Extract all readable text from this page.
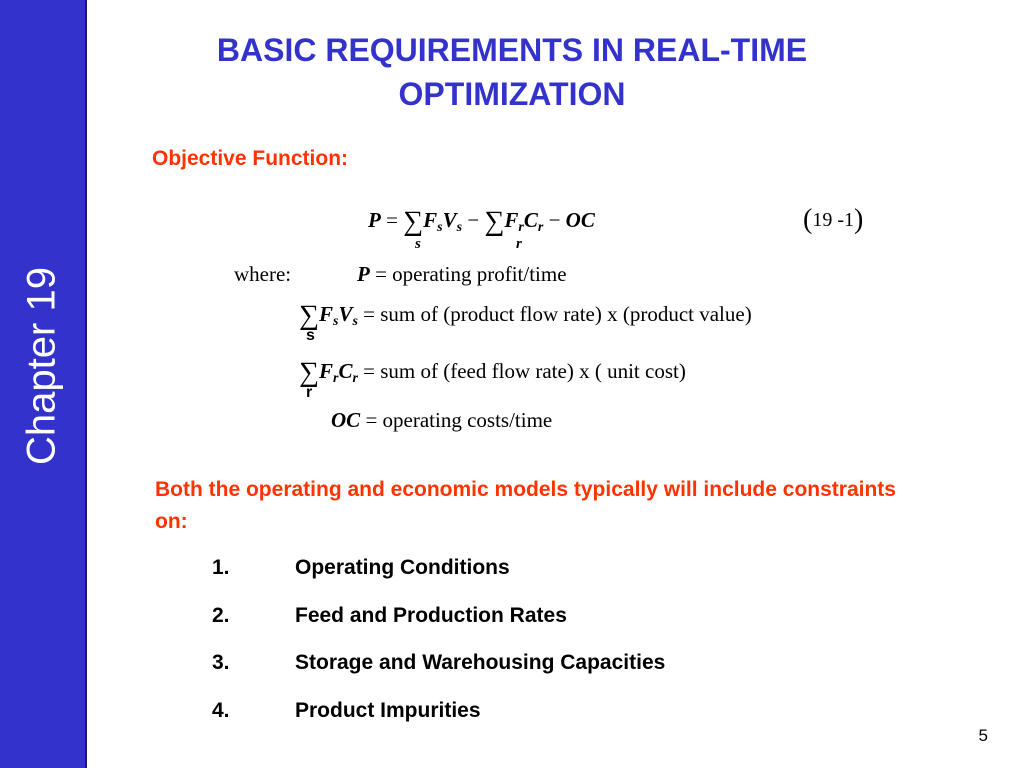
Chapter 19
BASIC REQUIREMENTS IN REAL-TIME
OPTIMIZATION
Objective Function:
$P = \sum F_sV_s - \sum F_rC_r$ − OC
s	r
(19 -1)
where:	P = operating profit/time
$\sum F_sV_s$ = sum of (product flow rate) x (product value)
s
$\sum F_rC_r$ = sum of (feed flow rate) x ( unit cost)
r
OC = operating costs/time
Both the operating and economic models typically will include constraints on:
1.	Operating Conditions
2.	Feed and Production Rates
3.	Storage and Warehousing Capacities
4.	Product Impurities
5
